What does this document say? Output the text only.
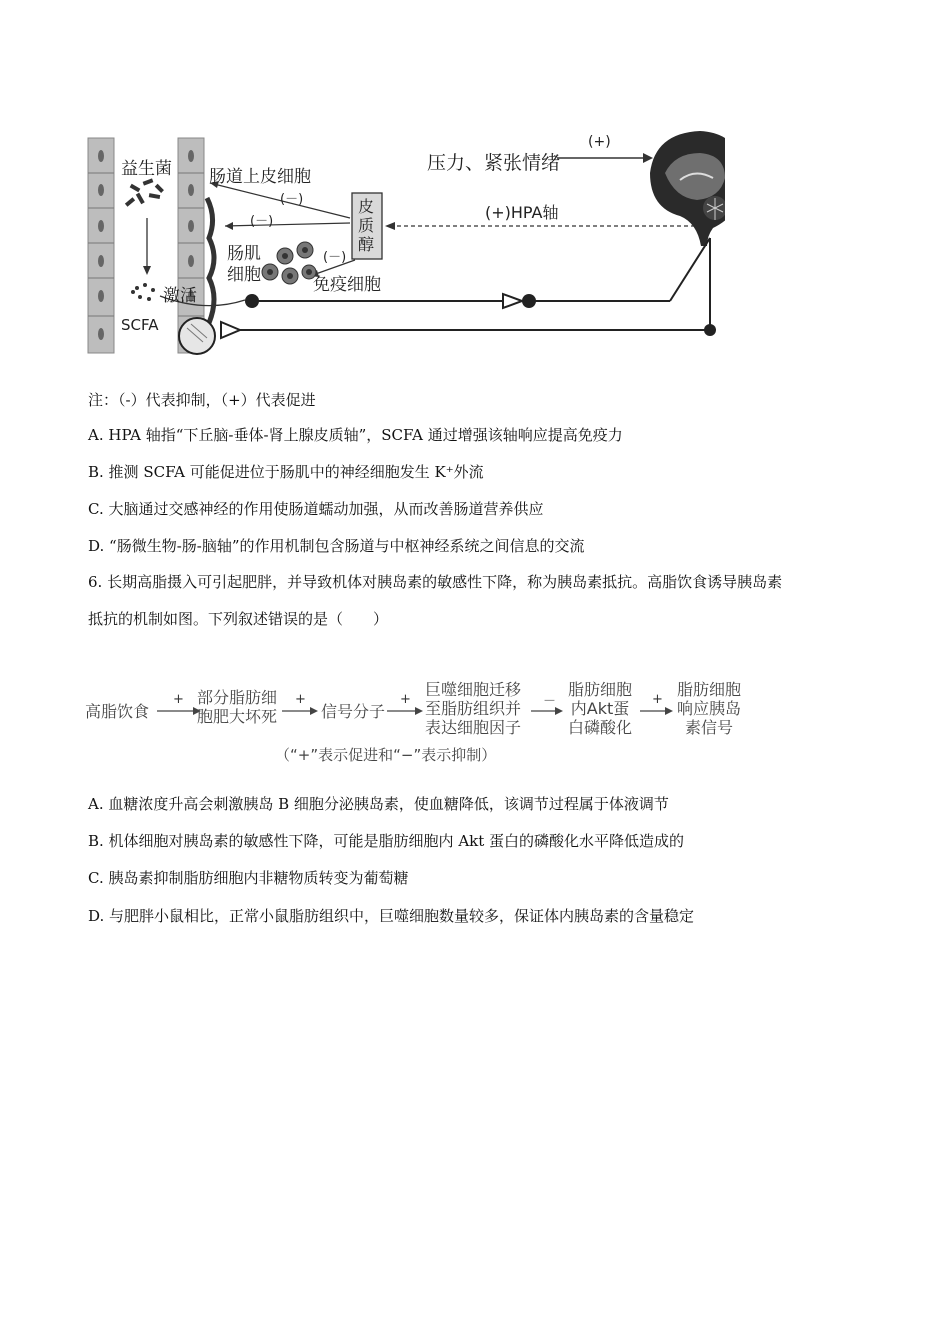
益生菌 肠道上皮细胞
压力、紧张情绪
(+)
(+)HPA轴
(－)
(－)
(－)
皮质醇
肠肌细胞	免疫细胞
激活
SCFA
注：（-）代表抑制，（+）代表促进
A. HPA 轴指“下丘脑-垂体-肾上腺皮质轴”，SCFA 通过增强该轴响应提高免疫力
B. 推测 SCFA 可能促进位于肠肌中的神经细胞发生 K⁺外流
C. 大脑通过交感神经的作用使肠道蠕动加强，从而改善肠道营养供应
D. “肠微生物-肠-脑轴”的作用机制包含肠道与中枢神经系统之间信息的交流
6. 长期高脂摄入可引起肥胖，并导致机体对胰岛素的敏感性下降，称为胰岛素抵抗。高脂饮食诱导胰岛素
抵抗的机制如图。下列叙述错误的是（　　）
高脂饮食
部分脂肪细
胞肥大坏死	信号分子
巨噬细胞迁移
至脂肪组织并
表达细胞因子
脂肪细胞
内Akt蛋
白磷酸化
脂肪细胞
响应胰岛
素信号
+	+	+	－	+
（“+”表示促进和“−”表示抑制）
A. 血糖浓度升高会刺激胰岛 B 细胞分泌胰岛素，使血糖降低，该调节过程属于体液调节
B. 机体细胞对胰岛素的敏感性下降，可能是脂肪细胞内 Akt 蛋白的磷酸化水平降低造成的
C. 胰岛素抑制脂肪细胞内非糖物质转变为葡萄糖
D. 与肥胖小鼠相比，正常小鼠脂肪组织中，巨噬细胞数量较多，保证体内胰岛素的含量稳定
